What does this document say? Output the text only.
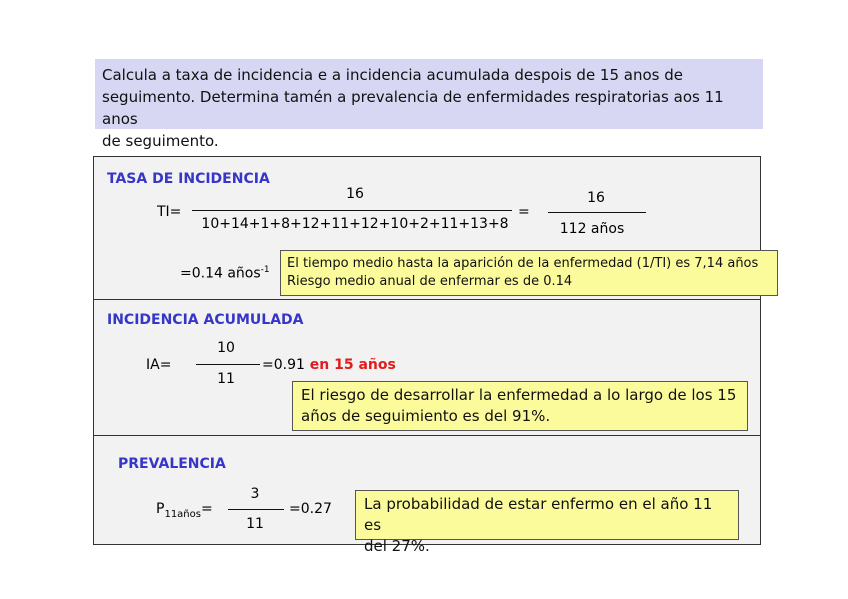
Calcula a taxa de incidencia e a incidencia acumulada despois de 15 anos de
seguimento. Determina tamén a prevalencia de enfermidades respiratorias aos 11 anos
de seguimento.
TASA DE INCIDENCIA
TI=
16
10+14+1+8+12+11+12+10+2+11+13+8
=
16
112 años
=0.14 años$^{-1}$ El tiempo medio hasta la aparición de la enfermedad (1/TI) es 7,14 años
Riesgo medio anual de enfermar es de 0.14
INCIDENCIA ACUMULADA
IA=
10
11
=0.91 en 15 años
El riesgo de desarrollar la enfermedad a lo largo de los 15
años de seguimiento es del 91%.
PREVALENCIA
$P_{11años}=$
3
11
=0.27 La probabilidad de estar enfermo en el año 11 es
del 27%.
